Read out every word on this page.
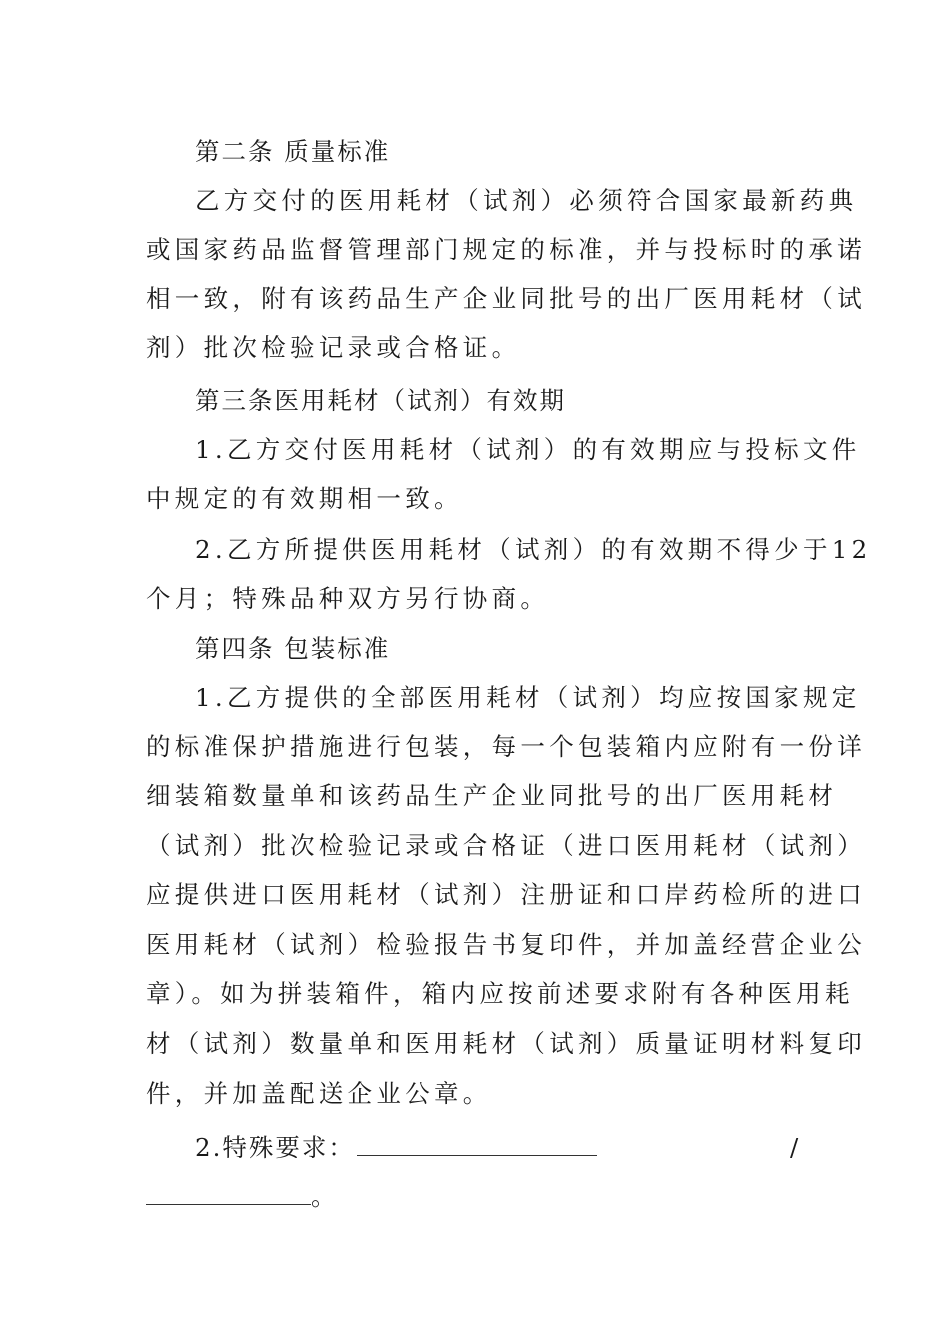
第二条 质量标准
乙方交付的医用耗材（试剂）必须符合国家最新药典
或国家药品监督管理部门规定的标准，并与投标时的承诺
相一致，附有该药品生产企业同批号的出厂医用耗材（试
剂）批次检验记录或合格证。
第三条医用耗材（试剂）有效期
1.乙方交付医用耗材（试剂）的有效期应与投标文件
中规定的有效期相一致。
2.乙方所提供医用耗材（试剂）的有效期不得少于12
个月；特殊品种双方另行协商。
第四条 包装标准
1.乙方提供的全部医用耗材（试剂）均应按国家规定
的标准保护措施进行包装，每一个包装箱内应附有一份详
细装箱数量单和该药品生产企业同批号的出厂医用耗材
（试剂）批次检验记录或合格证（进口医用耗材（试剂）
应提供进口医用耗材（试剂）注册证和口岸药检所的进口
医用耗材（试剂）检验报告书复印件，并加盖经营企业公
章）。如为拼装箱件，箱内应按前述要求附有各种医用耗
材（试剂）数量单和医用耗材（试剂）质量证明材料复印
件，并加盖配送企业公章。
2.特殊要求：	/
。
